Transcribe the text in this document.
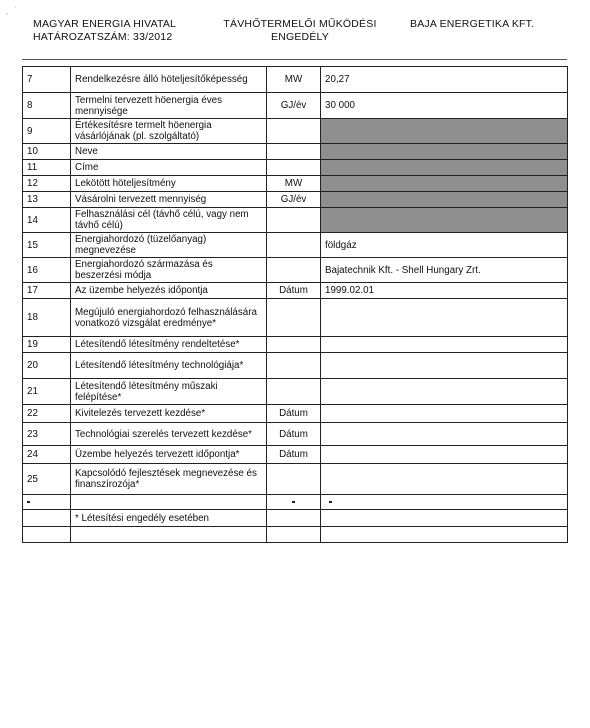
MAGYAR ENERGIA HIVATAL
HATÁROZATSZÁM: 33/2012
TÁVHŐTERMELŐI MŰKÖDÉSI
ENGEDÉLY
BAJA ENERGETIKA KFT.
,
·
7	Rendelkezésre álló höteljesítőképesség	MW	20,27
8	Termelni tervezett höenergia éves mennyisége	GJ/év	30 000
9	Értékesítésre termelt höenergia vásárlójának (pl. szolgáltató)		
10	Neve		
11	Címe		
12	Lekötött höteljesítmény	MW	
13	Vásárolni tervezett mennyiség	GJ/év	
14	Felhasználási cél (távhő célú, vagy nem távhő célú)		
15	Energiahordozó (tüzelőanyag) megnevezése		földgáz
16	Energiahordozó származása és beszerzési módja		Bajatechnik Kft. - Shell Hungary Zrt.
17	Az üzembe helyezés időpontja	Dátum	1999.02.01
18	Megújuló energiahordozó felhasználására vonatkozó vizsgálat eredménye*		
19	Létesítendő létesítmény rendeltetése*		
20	Létesítendő létesítmény technológiája*		
21	Létesítendő létesítmény műszaki felépítése*		
22	Kivitelezés tervezett kezdése*	Dátum	
23	Technológiai szerelés tervezett kezdése*	Dátum	
24	Üzembe helyezés tervezett időpontja*	Dátum	
25	Kapcsolódó fejlesztések megnevezése és finanszírozója*		

	* Létesítési engedély esetében		
